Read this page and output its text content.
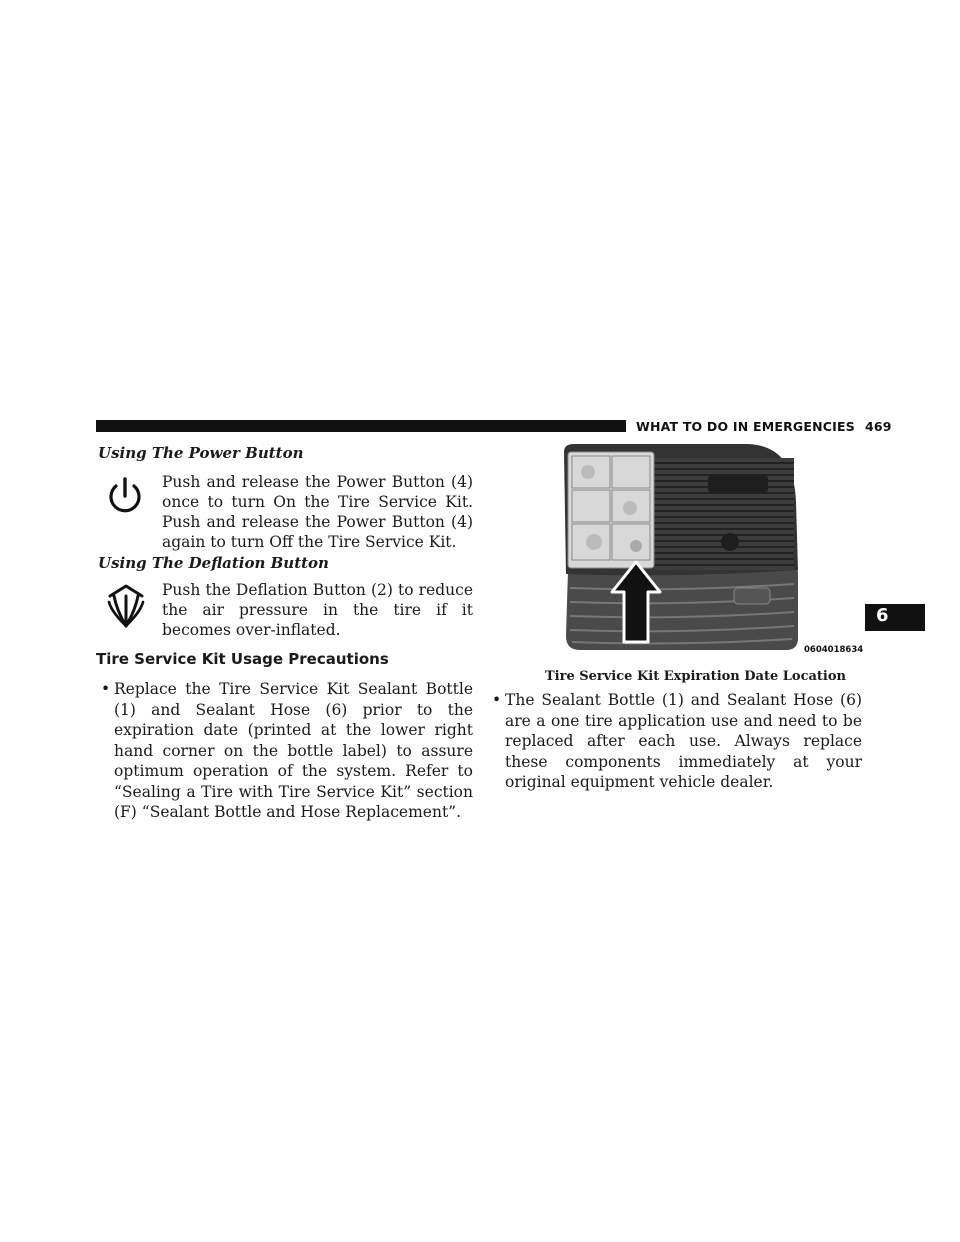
WHAT TO DO IN EMERGENCIES 469
Using The Power Button
Push and release the Power Button (4) once to turn On the Tire Service Kit. Push and release the Power Button (4) again to turn Off the Tire Service Kit.
Using The Deflation Button
Push the Deflation Button (2) to reduce the air pressure in the tire if it becomes over-inflated.
Tire Service Kit Usage Precautions
• Replace the Tire Service Kit Sealant Bottle (1) and Sealant Hose (6) prior to the expiration date (printed at the lower right hand corner on the bottle label) to assure optimum operation of the system. Refer to “Sealing a Tire with Tire Service Kit” section (F) “Sealant Bottle and Hose Replacement”.
• The Sealant Bottle (1) and Sealant Hose (6) are a one tire application use and need to be replaced after each use. Always replace these components immediately at your original equipment vehicle dealer.
0604018634
Tire Service Kit Expiration Date Location
6
